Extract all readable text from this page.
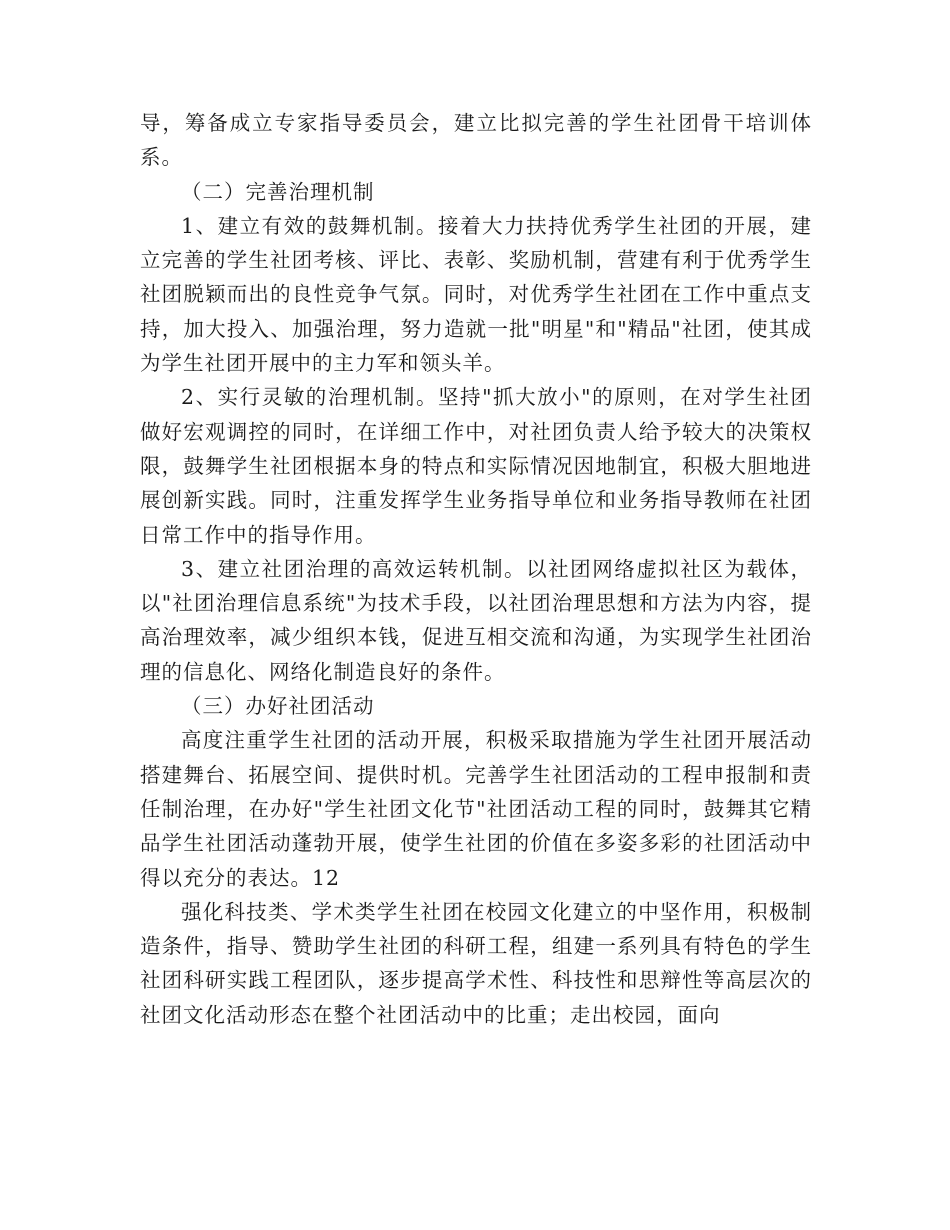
导，筹备成立专家指导委员会，建立比拟完善的学生社团骨干培训体系。

（二）完善治理机制

1、建立有效的鼓舞机制。接着大力扶持优秀学生社团的开展，建立完善的学生社团考核、评比、表彰、奖励机制，营建有利于优秀学生社团脱颖而出的良性竞争气氛。同时，对优秀学生社团在工作中重点支持，加大投入、加强治理，努力造就一批"明星"和"精品"社团，使其成为学生社团开展中的主力军和领头羊。

2、实行灵敏的治理机制。坚持"抓大放小"的原则，在对学生社团做好宏观调控的同时，在详细工作中，对社团负责人给予较大的决策权限，鼓舞学生社团根据本身的特点和实际情况因地制宜，积极大胆地进展创新实践。同时，注重发挥学生业务指导单位和业务指导教师在社团日常工作中的指导作用。

3、建立社团治理的高效运转机制。以社团网络虚拟社区为载体，以"社团治理信息系统"为技术手段，以社团治理思想和方法为内容，提高治理效率，减少组织本钱，促进互相交流和沟通，为实现学生社团治理的信息化、网络化制造良好的条件。

（三）办好社团活动

高度注重学生社团的活动开展，积极采取措施为学生社团开展活动搭建舞台、拓展空间、提供时机。完善学生社团活动的工程申报制和责任制治理，在办好"学生社团文化节"社团活动工程的同时，鼓舞其它精品学生社团活动蓬勃开展，使学生社团的价值在多姿多彩的社团活动中得以充分的表达。12

强化科技类、学术类学生社团在校园文化建立的中坚作用，积极制造条件，指导、赞助学生社团的科研工程，组建一系列具有特色的学生社团科研实践工程团队，逐步提高学术性、科技性和思辩性等高层次的社团文化活动形态在整个社团活动中的比重；走出校园，面向
